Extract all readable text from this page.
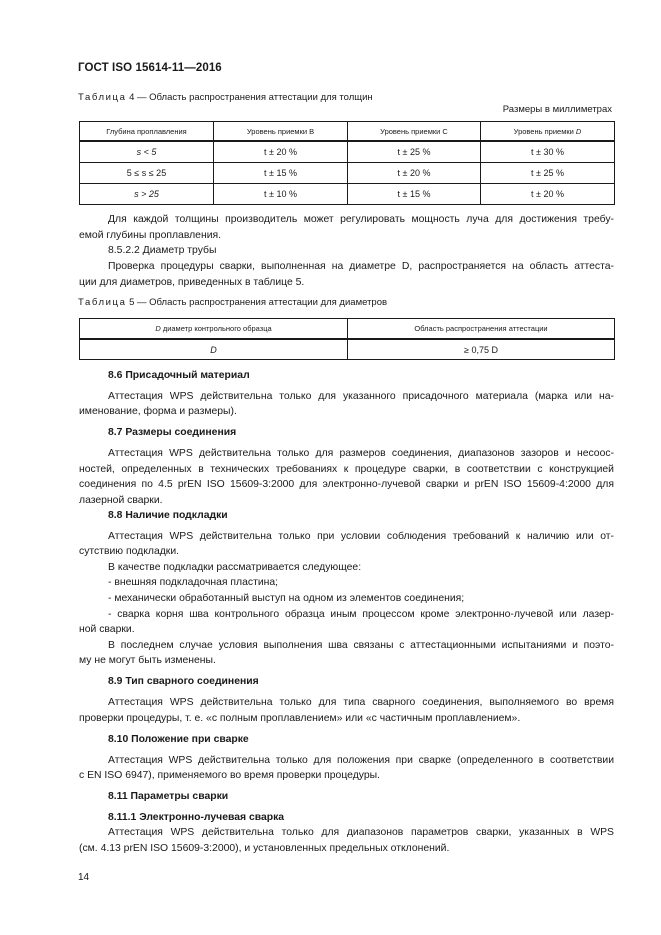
ГОСТ ISO 15614-11—2016
Таблица 4 — Область распространения аттестации для толщин
Размеры в миллиметрах
Глубина проплавления	Уровень приемки B	Уровень приемки C	Уровень приемки D
s < 5	t ± 20 %	t ± 25 %	t ± 30 %
5 ≤ s ≤ 25	t ± 15 %	t ± 20 %	t ± 25 %
s > 25	t ± 10 %	t ± 15 %	t ± 20 %
Для каждой толщины производитель может регулировать мощность луча для достижения требу-
емой глубины проплавления.
8.5.2.2 Диаметр трубы
Проверка процедуры сварки, выполненная на диаметре D, распространяется на область аттеста-
ции для диаметров, приведенных в таблице 5.
Таблица 5 — Область распространения аттестации для диаметров
D диаметр контрольного образца	Область распространения аттестации
D	≥ 0,75 D
8.6 Присадочный материал
Аттестация WPS действительна только для указанного присадочного материала (марка или на-
именование, форма и размеры).
8.7 Размеры соединения
Аттестация WPS действительна только для размеров соединения, диапазонов зазоров и несоос-
ностей, определенных в технических требованиях к процедуре сварки, в соответствии с конструкцией
соединения по 4.5 prEN ISO 15609-3:2000 для электронно-лучевой сварки и prEN ISO 15609-4:2000 для
лазерной сварки.
8.8 Наличие подкладки
Аттестация WPS действительна только при условии соблюдения требований к наличию или от-
сутствию подкладки.
В качестве подкладки рассматривается следующее:
- внешняя подкладочная пластина;
- механически обработанный выступ на одном из элементов соединения;
- сварка корня шва контрольного образца иным процессом кроме электронно-лучевой или лазер-
ной сварки.
В последнем случае условия выполнения шва связаны с аттестационными испытаниями и поэто-
му не могут быть изменены.
8.9 Тип сварного соединения
Аттестация WPS действительна только для типа сварного соединения, выполняемого во время
проверки процедуры, т. е. «с полным проплавлением» или «с частичным проплавлением».
8.10 Положение при сварке
Аттестация WPS действительна только для положения при сварке (определенного в соответствии
с EN ISO 6947), применяемого во время проверки процедуры.
8.11 Параметры сварки
8.11.1 Электронно-лучевая сварка
Аттестация WPS действительна только для диапазонов параметров сварки, указанных в WPS
(см. 4.13 prEN ISO 15609-3:2000), и установленных предельных отклонений.
14
